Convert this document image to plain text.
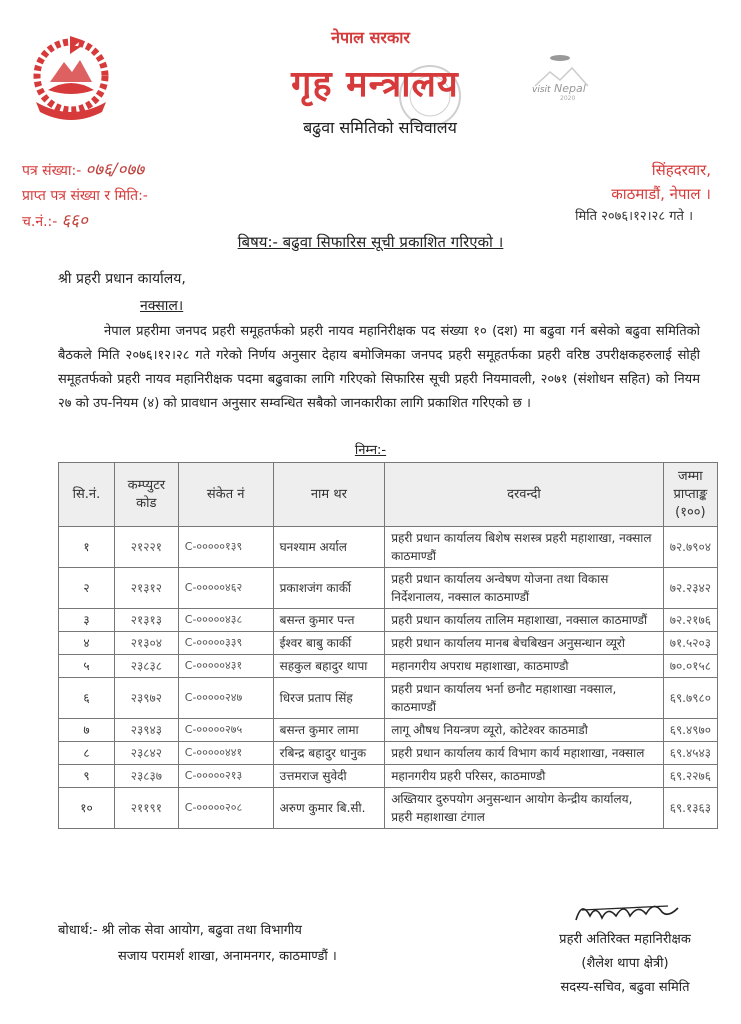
नेपाल सरकार
गृह मन्त्रालय
बढुवा समितिको सचिवालय
visit Nepal
2020
पत्र संख्या:- ०७६/०७७
प्राप्त पत्र संख्या र मिति:-
च.नं.:- ६६०
सिंहदरवार,
काठमाडौं, नेपाल ।
मिति २०७६।१२।२८ गते ।
बिषय:- बढुवा सिफारिस सूची प्रकाशित गरिएको ।
श्री प्रहरी प्रधान कार्यालय,
नक्साल।
नेपाल प्रहरीमा जनपद प्रहरी समूहतर्फको प्रहरी नायव महानिरीक्षक पद संख्या १० (दश) मा बढुवा गर्न बसेको बढुवा समितिको बैठकले मिति २०७६।१२।२८ गते गरेको निर्णय अनुसार देहाय बमोजिमका जनपद प्रहरी समूहतर्फका प्रहरी वरिष्ठ उपरीक्षकहरुलाई सोही समूहतर्फको प्रहरी नायव महानिरीक्षक पदमा बढुवाका लागि गरिएको सिफारिस सूची प्रहरी नियमावली, २०७१ (संशोधन सहित) को नियम २७ को उप-नियम (४) को प्रावधान अनुसार सम्वन्धित सबैको जानकारीका लागि प्रकाशित गरिएको छ ।
निम्न:-
सि.नं.	कम्प्युटर कोड	संकेत नं	नाम थर	दरवन्दी	जम्मा प्राप्ताङ्क (१००)
१	२१२२१	C-०००००१३९	घनश्याम अर्याल	प्रहरी प्रधान कार्यालय बिशेष सशस्त्र प्रहरी महाशाखा, नक्साल काठमाण्डौं	७२.७९०४
२	२१३१२	C-०००००४६२	प्रकाशजंग कार्की	प्रहरी प्रधान कार्यालय अन्वेषण योजना तथा विकास निर्देशनालय, नक्साल काठमाण्डौं	७२.२३४२
३	२१३१३	C-०००००४३८	बसन्त कुमार पन्त	प्रहरी प्रधान कार्यालय तालिम महाशाखा, नक्साल काठमाण्डौं	७२.२१७६
४	२१३०४	C-०००००३३९	ईश्वर बाबु कार्की	प्रहरी प्रधान कार्यालय मानब बेचबिखन अनुसन्धान व्यूरो	७१.५२०३
५	२३८३८	C-०००००४३१	सहकुल बहादुर थापा	महानगरीय अपराध महाशाखा, काठमाण्डौ	७०.०१५८
६	२३९७२	C-०००००२४७	धिरज प्रताप सिंह	प्रहरी प्रधान कार्यालय भर्ना छनौट महाशाखा नक्साल, काठमाण्डौं	६९.७९८०
७	२३९४३	C-०००००२७५	बसन्त कुमार लामा	लागू औषध नियन्त्रण व्यूरो, कोटेश्वर काठमाडौ	६९.४९७०
८	२३८४२	C-०००००४४१	रबिन्द्र बहादुर धानुक	प्रहरी प्रधान कार्यालय कार्य विभाग कार्य महाशाखा, नक्साल	६९.४५४३
९	२३८३७	C-०००००२१३	उत्तमराज सुवेदी	महानगरीय प्रहरी परिसर, काठमाण्डौ	६९.२२७६
१०	२११९१	C-०००००२०८	अरुण कुमार बि.सी.	अख्तियार दुरुपयोग अनुसन्धान आयोग केन्द्रीय कार्यालय, प्रहरी महाशाखा टंगाल	६९.१३६३
बोधार्थ:- श्री लोक सेवा आयोग, बढुवा तथा विभागीय
सजाय परामर्श शाखा, अनामनगर, काठमाण्डौं ।
प्रहरी अतिरिक्त महानिरीक्षक
(शैलेश थापा क्षेत्री)
सदस्य-सचिव, बढुवा समिति
